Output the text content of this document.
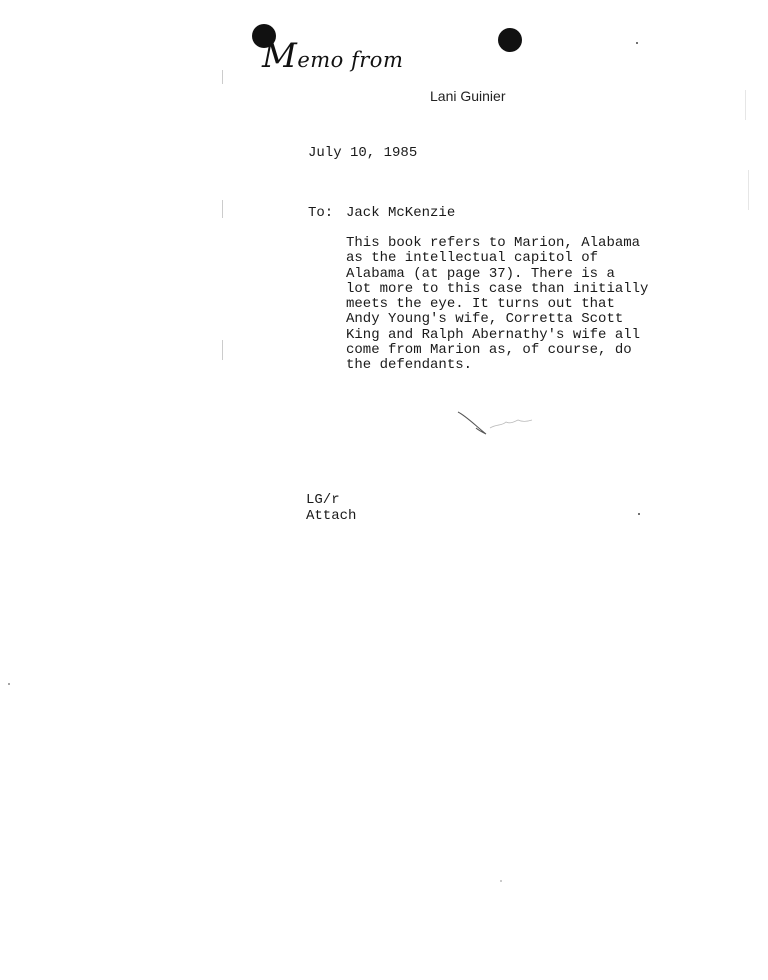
Memo from
Lani Guinier
July 10, 1985
To: Jack McKenzie
This book refers to Marion, Alabama
as the intellectual capitol of
Alabama (at page 37). There is a
lot more to this case than initially
meets the eye. It turns out that
Andy Young's wife, Corretta Scott
King and Ralph Abernathy's wife all
come from Marion as, of course, do
the defendants.
LG/r
Attach
